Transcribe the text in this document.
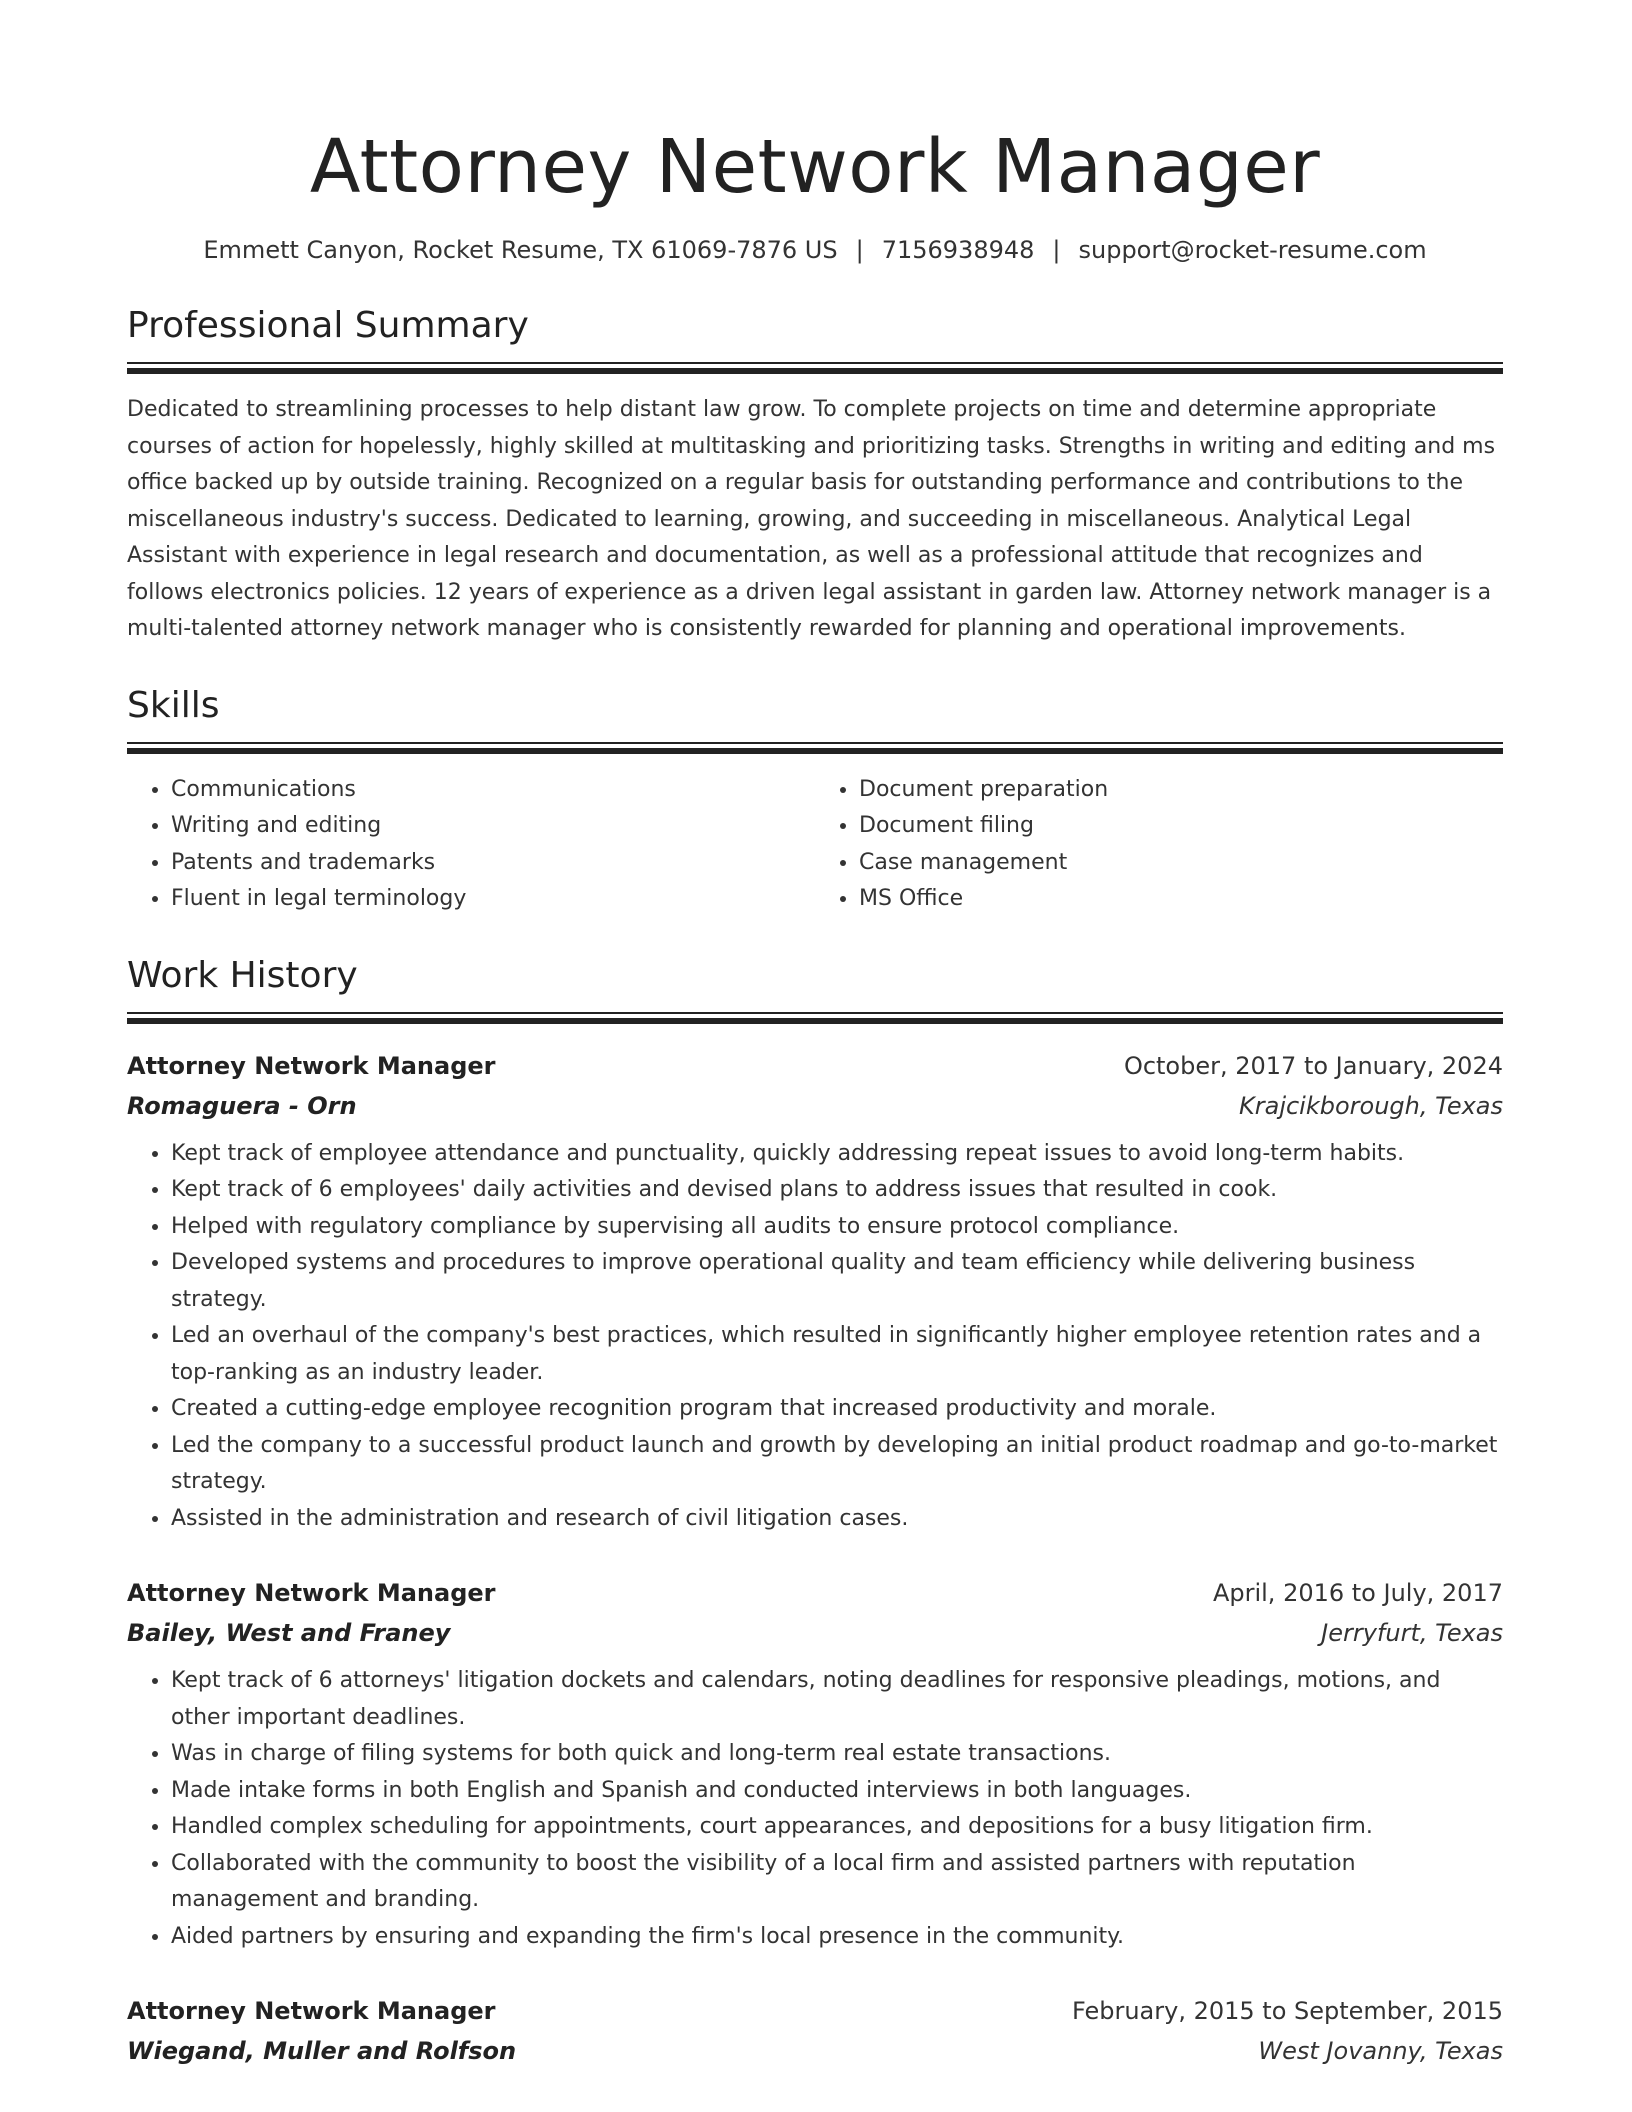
Attorney Network Manager
Emmett Canyon, Rocket Resume, TX 61069-7876 US | 7156938948 | support@rocket-resume.com
Professional Summary
Dedicated to streamlining processes to help distant law grow. To complete projects on time and determine appropriate courses of action for hopelessly, highly skilled at multitasking and prioritizing tasks. Strengths in writing and editing and ms office backed up by outside training. Recognized on a regular basis for outstanding performance and contributions to the miscellaneous industry's success. Dedicated to learning, growing, and succeeding in miscellaneous. Analytical Legal Assistant with experience in legal research and documentation, as well as a professional attitude that recognizes and follows electronics policies. 12 years of experience as a driven legal assistant in garden law. Attorney network manager is a multi-talented attorney network manager who is consistently rewarded for planning and operational improvements.
Skills
• Communications
• Writing and editing
• Patents and trademarks
• Fluent in legal terminology
• Document preparation
• Document filing
• Case management
• MS Office
Work History
Attorney Network Manager	October, 2017 to January, 2024
Romaguera - Orn	Krajcikborough, Texas
• Kept track of employee attendance and punctuality, quickly addressing repeat issues to avoid long-term habits.
• Kept track of 6 employees' daily activities and devised plans to address issues that resulted in cook.
• Helped with regulatory compliance by supervising all audits to ensure protocol compliance.
• Developed systems and procedures to improve operational quality and team efficiency while delivering business strategy.
• Led an overhaul of the company's best practices, which resulted in significantly higher employee retention rates and a top-ranking as an industry leader.
• Created a cutting-edge employee recognition program that increased productivity and morale.
• Led the company to a successful product launch and growth by developing an initial product roadmap and go-to-market strategy.
• Assisted in the administration and research of civil litigation cases.
Attorney Network Manager	April, 2016 to July, 2017
Bailey, West and Franey	Jerryfurt, Texas
• Kept track of 6 attorneys' litigation dockets and calendars, noting deadlines for responsive pleadings, motions, and other important deadlines.
• Was in charge of filing systems for both quick and long-term real estate transactions.
• Made intake forms in both English and Spanish and conducted interviews in both languages.
• Handled complex scheduling for appointments, court appearances, and depositions for a busy litigation firm.
• Collaborated with the community to boost the visibility of a local firm and assisted partners with reputation management and branding.
• Aided partners by ensuring and expanding the firm's local presence in the community.
Attorney Network Manager	February, 2015 to September, 2015
Wiegand, Muller and Rolfson	West Jovanny, Texas
